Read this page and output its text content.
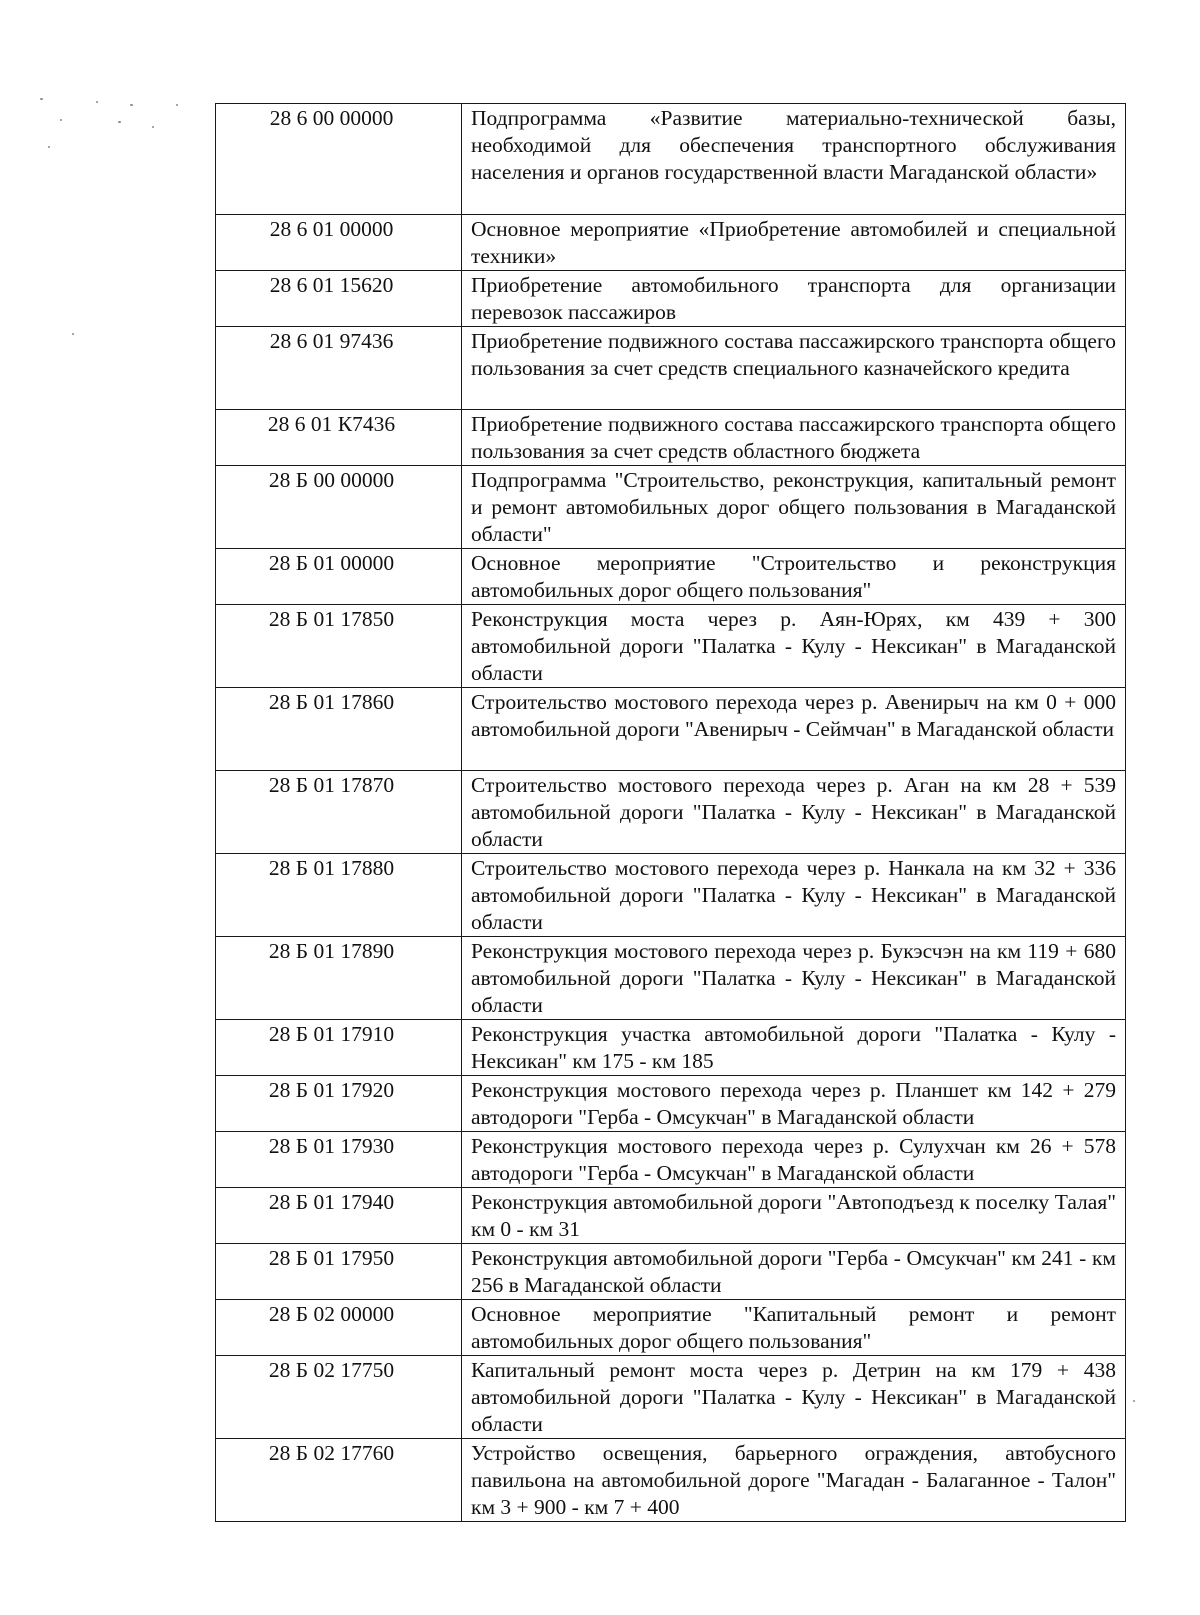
28 6 00 00000	Подпрограмма «Развитие материально-технической базы, необходимой для обеспечения транспортного обслуживания населения и органов государственной власти Магаданской области»
28 6 01 00000	Основное мероприятие «Приобретение автомобилей и специальной техники»
28 6 01 15620	Приобретение автомобильного транспорта для организации перевозок пассажиров
28 6 01 97436	Приобретение подвижного состава пассажирского транспорта общего пользования за счет средств специального казначейского кредита
28 6 01 К7436	Приобретение подвижного состава пассажирского транспорта общего пользования за счет средств областного бюджета
28 Б 00 00000	Подпрограмма "Строительство, реконструкция, капитальный ремонт и ремонт автомобильных дорог общего пользования в Магаданской области"
28 Б 01 00000	Основное мероприятие "Строительство и реконструкция автомобильных дорог общего пользования"
28 Б 01 17850	Реконструкция моста через р. Аян-Юрях, км 439 + 300 автомобильной дороги "Палатка - Кулу - Нексикан" в Магаданской области
28 Б 01 17860	Строительство мостового перехода через р. Авенирыч на км 0 + 000 автомобильной дороги "Авенирыч - Сеймчан" в Магаданской области
28 Б 01 17870	Строительство мостового перехода через р. Аган на км 28 + 539 автомобильной дороги "Палатка - Кулу - Нексикан" в Магаданской области
28 Б 01 17880	Строительство мостового перехода через р. Нанкала на км 32 + 336 автомобильной дороги "Палатка - Кулу - Нексикан" в Магаданской области
28 Б 01 17890	Реконструкция мостового перехода через р. Букэсчэн на км 119 + 680 автомобильной дороги "Палатка - Кулу - Нексикан" в Магаданской области
28 Б 01 17910	Реконструкция участка автомобильной дороги "Палатка - Кулу - Нексикан" км 175 - км 185
28 Б 01 17920	Реконструкция мостового перехода через р. Планшет км 142 + 279 автодороги "Герба - Омсукчан" в Магаданской области
28 Б 01 17930	Реконструкция мостового перехода через р. Сулухчан км 26 + 578 автодороги "Герба - Омсукчан" в Магаданской области
28 Б 01 17940	Реконструкция автомобильной дороги "Автоподъезд к поселку Талая" км 0 - км 31
28 Б 01 17950	Реконструкция автомобильной дороги "Герба - Омсукчан" км 241 - км 256 в Магаданской области
28 Б 02 00000	Основное мероприятие "Капитальный ремонт и ремонт автомобильных дорог общего пользования"
28 Б 02 17750	Капитальный ремонт моста через р. Детрин на км 179 + 438 автомобильной дороги "Палатка - Кулу - Нексикан" в Магаданской области
28 Б 02 17760	Устройство освещения, барьерного ограждения, автобусного павильона на автомобильной дороге "Магадан - Балаганное - Талон" км 3 + 900 - км 7 + 400
